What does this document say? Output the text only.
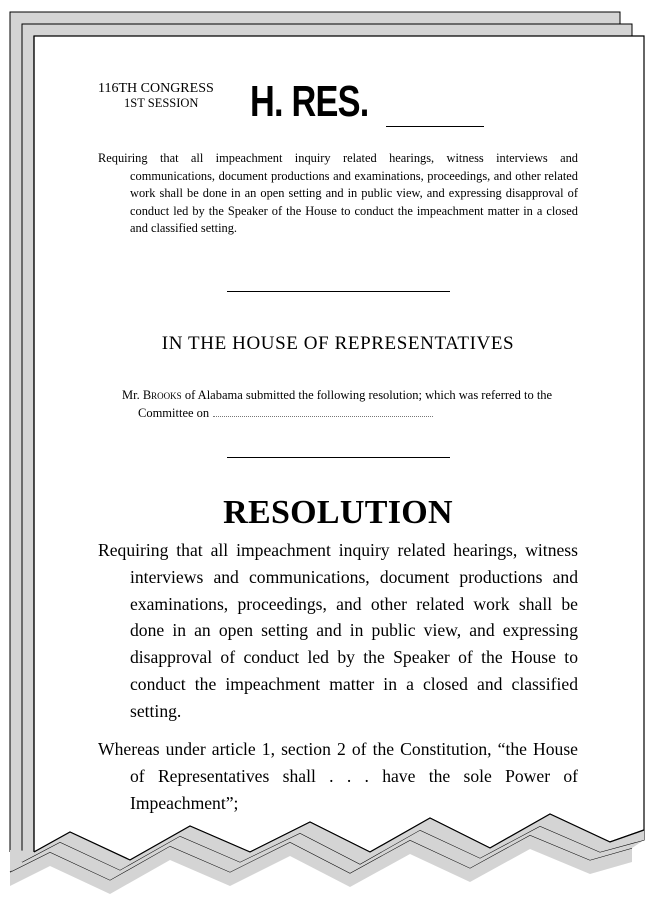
116TH CONGRESS
1ST SESSION	H. RES.
Requiring that all impeachment inquiry related hearings, witness interviews and communications, document productions and examinations, proceedings, and other related work shall be done in an open setting and in public view, and expressing disapproval of conduct led by the Speaker of the House to conduct the impeachment matter in a closed and classified setting.
IN THE HOUSE OF REPRESENTATIVES
Mr. Brooks of Alabama submitted the following resolution; which was referred to the Committee on
RESOLUTION
Requiring that all impeachment inquiry related hearings, witness interviews and communications, document productions and examinations, proceedings, and other related work shall be done in an open setting and in public view, and expressing disapproval of conduct led by the Speaker of the House to conduct the impeachment matter in a closed and classified setting.
Whereas under article 1, section 2 of the Constitution, “the House of Representatives shall . . . have the sole Power of Impeachment”;
